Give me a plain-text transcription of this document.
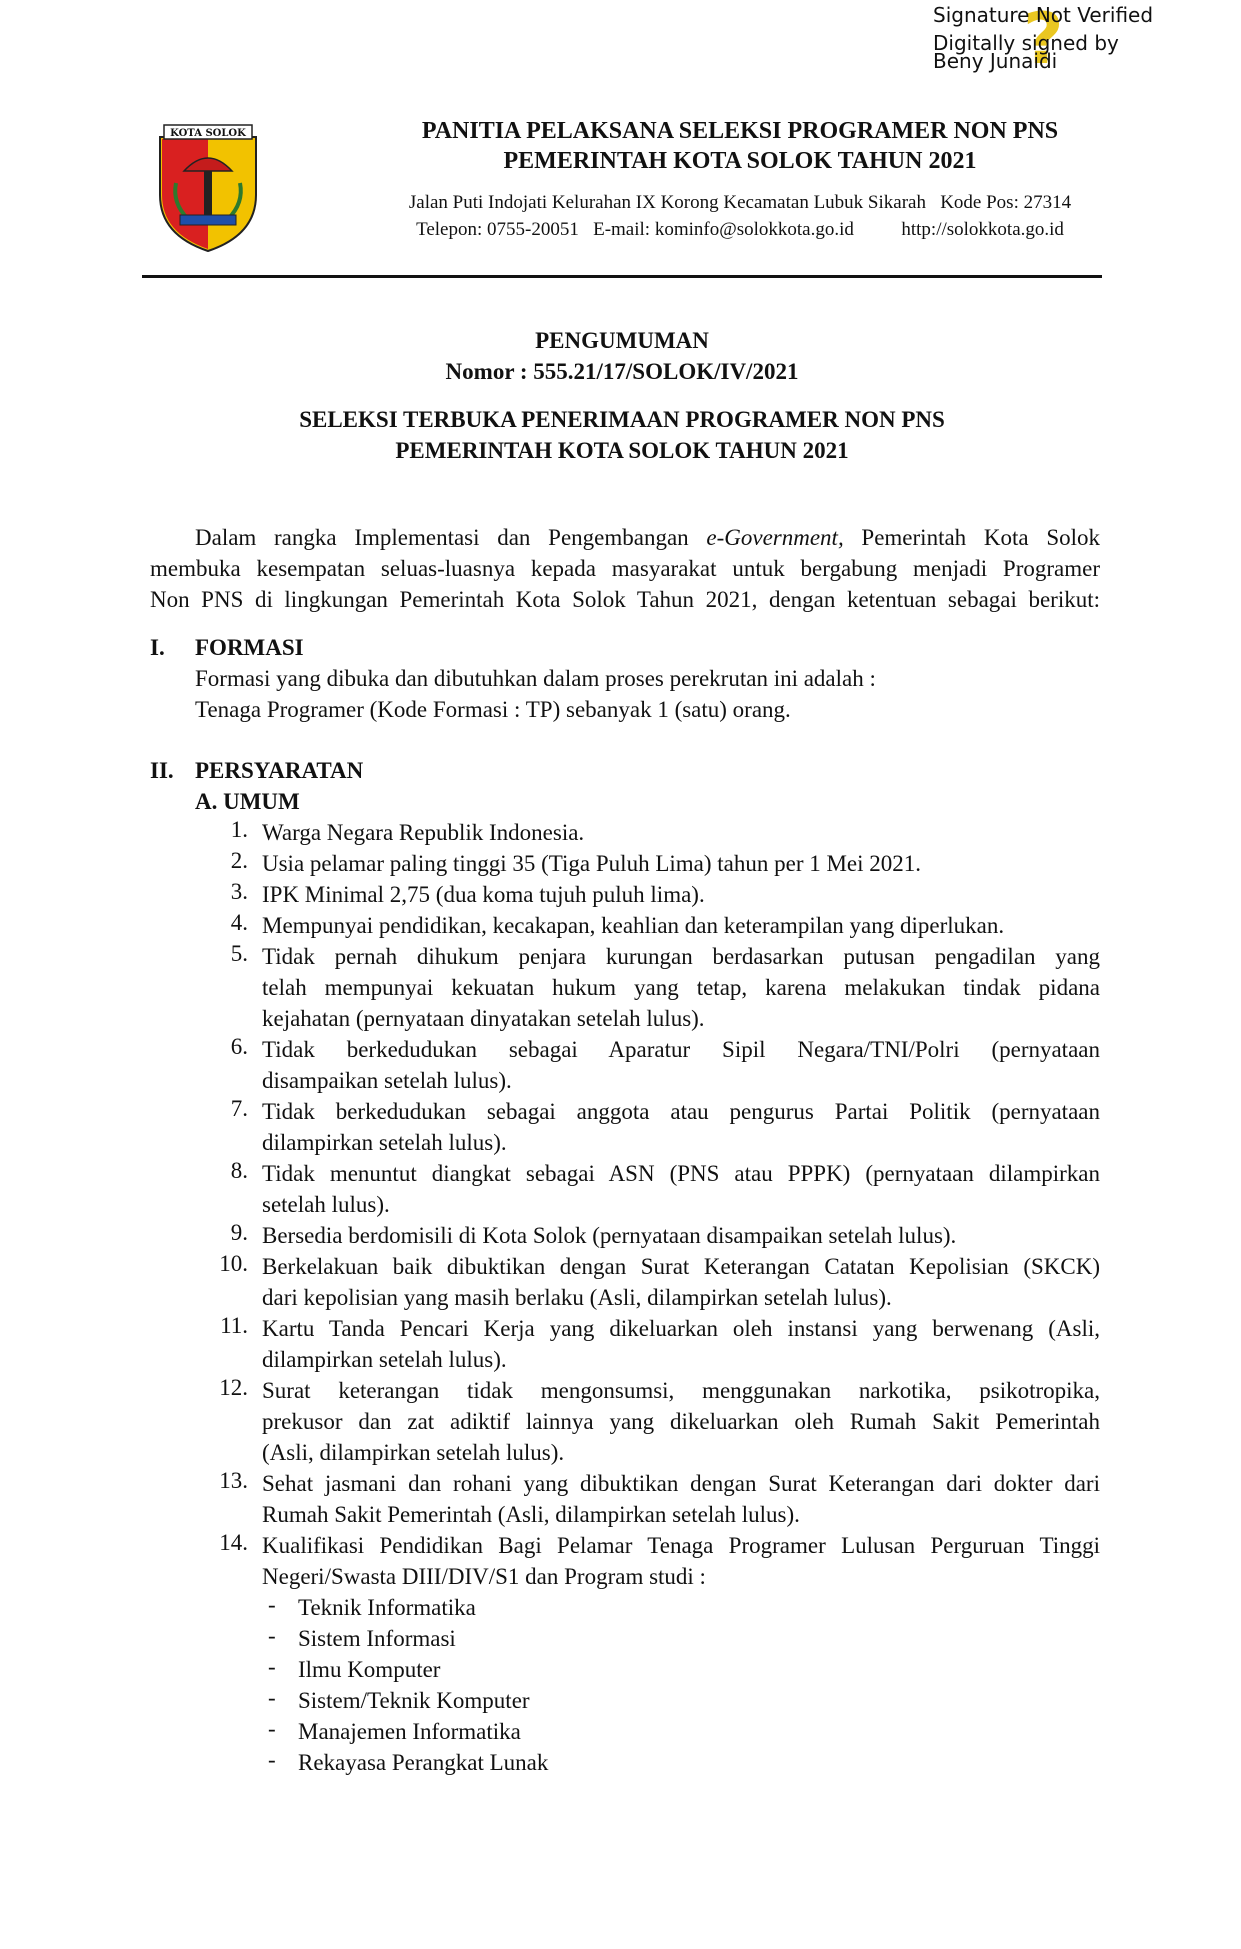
?
Signature Not Verified
Digitally signed by
Beny Junaidi
KOTA SOLOK	PANITIA PELAKSANA SELEKSI PROGRAMER NON PNS
PEMERINTAH KOTA SOLOK TAHUN 2021
Jalan Puti Indojati Kelurahan IX Korong Kecamatan Lubuk Sikarah   Kode Pos: 27314
Telepon: 0755-20051   E-mail: kominfo@solokkota.go.id          http://solokkota.go.id
PENGUMUMAN
Nomor : 555.21/17/SOLOK/IV/2021
SELEKSI TERBUKA PENERIMAAN PROGRAMER NON PNS
PEMERINTAH KOTA SOLOK TAHUN 2021
Dalam rangka Implementasi dan Pengembangan e-Government, Pemerintah Kota Solok
membuka kesempatan seluas-luasnya kepada masyarakat untuk bergabung menjadi Programer
Non PNS di lingkungan Pemerintah Kota Solok Tahun 2021, dengan ketentuan sebagai berikut:
I. FORMASI
Formasi yang dibuka dan dibutuhkan dalam proses perekrutan ini adalah :
Tenaga Programer (Kode Formasi : TP) sebanyak 1 (satu) orang.
II. PERSYARATAN
A. UMUM
1. Warga Negara Republik Indonesia.
2. Usia pelamar paling tinggi 35 (Tiga Puluh Lima) tahun per 1 Mei 2021.
3. IPK Minimal 2,75 (dua koma tujuh puluh lima).
4. Mempunyai pendidikan, kecakapan, keahlian dan keterampilan yang diperlukan.
5. Tidak pernah dihukum penjara kurungan berdasarkan putusan pengadilan yang
telah mempunyai kekuatan hukum yang tetap, karena melakukan tindak pidana
kejahatan (pernyataan dinyatakan setelah lulus).
6. Tidak berkedudukan sebagai Aparatur Sipil Negara/TNI/Polri (pernyataan
disampaikan setelah lulus).
7. Tidak berkedudukan sebagai anggota atau pengurus Partai Politik (pernyataan
dilampirkan setelah lulus).
8. Tidak menuntut diangkat sebagai ASN (PNS atau PPPK) (pernyataan dilampirkan
setelah lulus).
9. Bersedia berdomisili di Kota Solok (pernyataan disampaikan setelah lulus).
10. Berkelakuan baik dibuktikan dengan Surat Keterangan Catatan Kepolisian (SKCK)
dari kepolisian yang masih berlaku (Asli, dilampirkan setelah lulus).
11. Kartu Tanda Pencari Kerja yang dikeluarkan oleh instansi yang berwenang (Asli,
dilampirkan setelah lulus).
12. Surat keterangan tidak mengonsumsi, menggunakan narkotika, psikotropika,
prekusor dan zat adiktif lainnya yang dikeluarkan oleh Rumah Sakit Pemerintah
(Asli, dilampirkan setelah lulus).
13. Sehat jasmani dan rohani yang dibuktikan dengan Surat Keterangan dari dokter dari
Rumah Sakit Pemerintah (Asli, dilampirkan setelah lulus).
14. Kualifikasi Pendidikan Bagi Pelamar Tenaga Programer Lulusan Perguruan Tinggi
Negeri/Swasta DIII/DIV/S1 dan Program studi :
- Teknik Informatika
- Sistem Informasi
- Ilmu Komputer
- Sistem/Teknik Komputer
- Manajemen Informatika
- Rekayasa Perangkat Lunak
